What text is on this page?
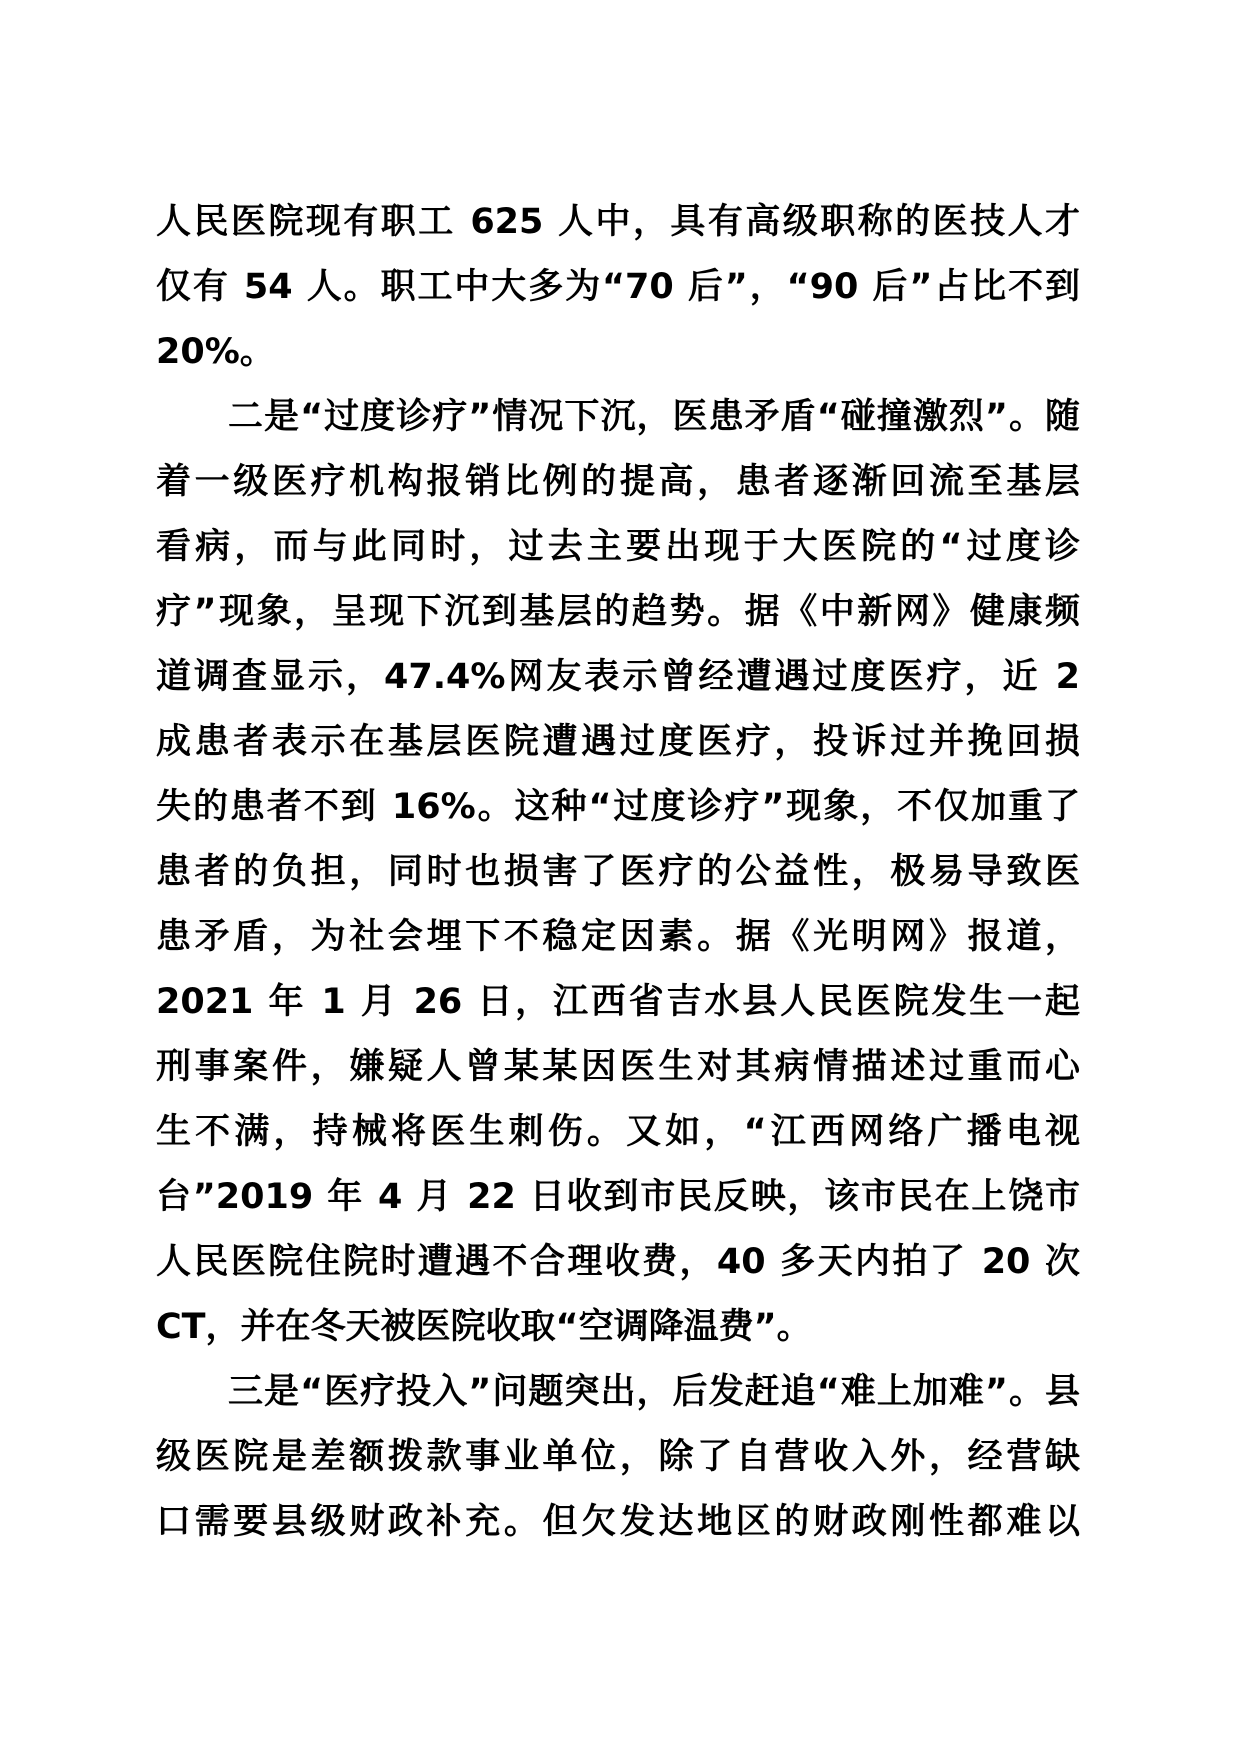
人民医院现有职工 625 人中，具有高级职称的医技人才
仅有 54 人。职工中大多为“70 后”，“90 后”占比不到
20%。
二是“过度诊疗”情况下沉，医患矛盾“碰撞激烈”。随
着一级医疗机构报销比例的提高，患者逐渐回流至基层
看病，而与此同时，过去主要出现于大医院的“过度诊
疗”现象，呈现下沉到基层的趋势。据《中新网》健康频
道调查显示，47.4%网友表示曾经遭遇过度医疗，近 2
成患者表示在基层医院遭遇过度医疗，投诉过并挽回损
失的患者不到 16%。这种“过度诊疗”现象，不仅加重了
患者的负担，同时也损害了医疗的公益性，极易导致医
患矛盾，为社会埋下不稳定因素。据《光明网》报道，
2021 年 1 月 26 日，江西省吉水县人民医院发生一起
刑事案件，嫌疑人曾某某因医生对其病情描述过重而心
生不满，持械将医生刺伤。又如，“江西网络广播电视
台”2019 年 4 月 22 日收到市民反映，该市民在上饶市
人民医院住院时遭遇不合理收费，40 多天内拍了 20 次
CT，并在冬天被医院收取“空调降温费”。
三是“医疗投入”问题突出，后发赶追“难上加难”。县
级医院是差额拨款事业单位，除了自营收入外，经营缺
口需要县级财政补充。但欠发达地区的财政刚性都难以
